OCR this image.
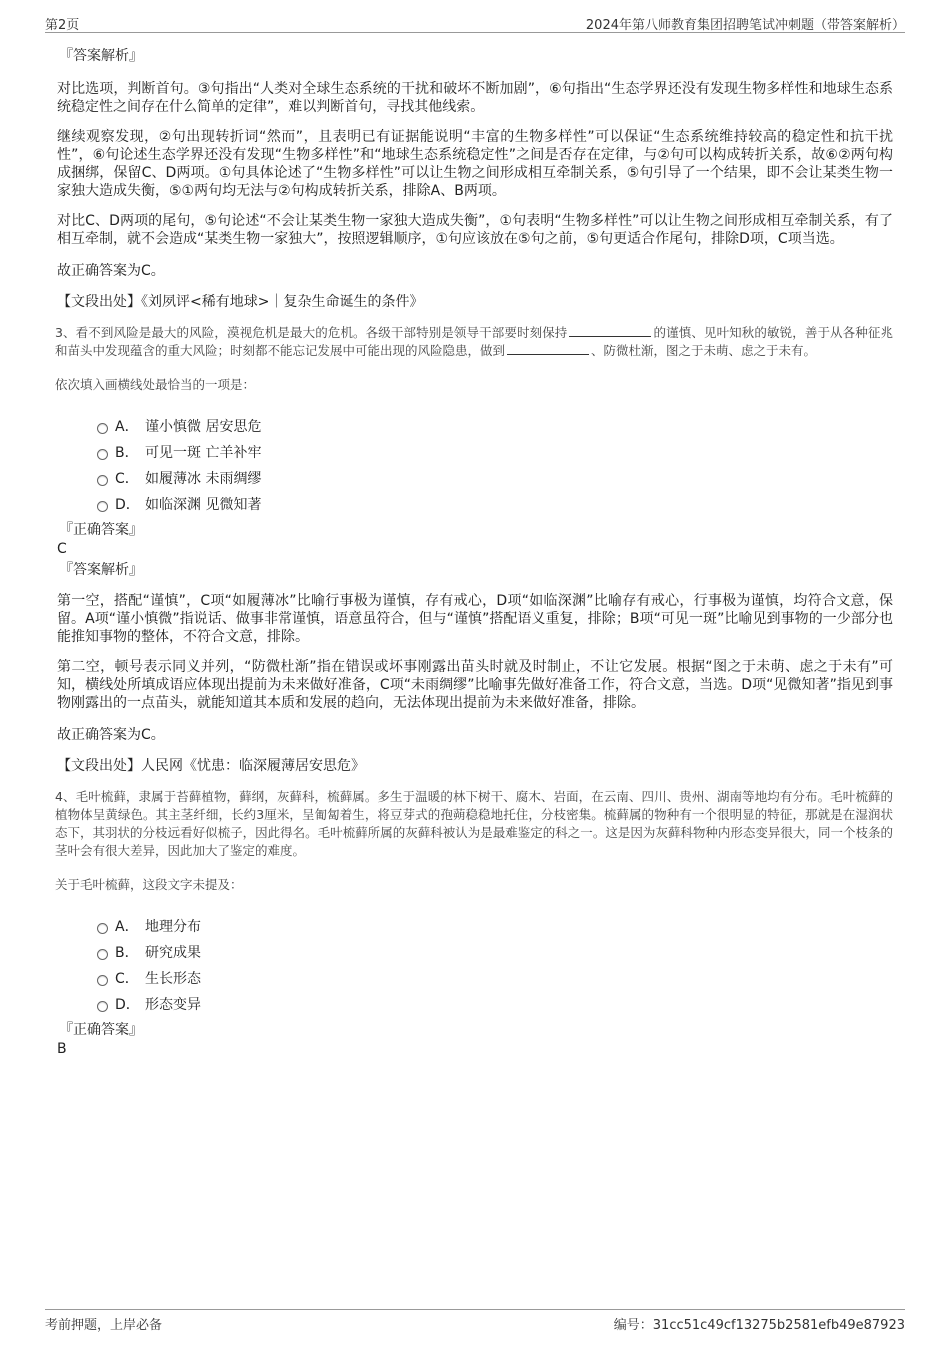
第2页	2024年第八师教育集团招聘笔试冲刺题（带答案解析）

『答案解析』

对比选项，判断首句。③句指出“人类对全球生态系统的干扰和破坏不断加剧”，⑥句指出“生态学界还没有发现生物多样性和地球生态系统稳定性之间存在什么简单的定律”，难以判断首句，寻找其他线索。

继续观察发现，②句出现转折词“然而”，且表明已有证据能说明“丰富的生物多样性”可以保证“生态系统维持较高的稳定性和抗干扰性”，⑥句论述生态学界还没有发现“生物多样性”和“地球生态系统稳定性”之间是否存在定律，与②句可以构成转折关系，故⑥②两句构成捆绑，保留C、D两项。①句具体论述了“生物多样性”可以让生物之间形成相互牵制关系，⑤句引导了一个结果，即不会让某类生物一家独大造成失衡，⑤①两句均无法与②句构成转折关系，排除A、B两项。

对比C、D两项的尾句，⑤句论述“不会让某类生物一家独大造成失衡”，①句表明“生物多样性”可以让生物之间形成相互牵制关系，有了相互牵制，就不会造成“某类生物一家独大”，按照逻辑顺序，①句应该放在⑤句之前，⑤句更适合作尾句，排除D项，C项当选。

故正确答案为C。

【文段出处】《刘夙评<稀有地球>｜复杂生命诞生的条件》

3、看不到风险是最大的风险，漠视危机是最大的危机。各级干部特别是领导干部要时刻保持	的谨慎、见叶知秋的敏锐，善于从各种征兆和苗头中发现蕴含的重大风险；时刻都不能忘记发展中可能出现的风险隐患，做到	、防微杜渐，图之于未萌、虑之于未有。

依次填入画横线处最恰当的一项是：

A． 谨小慎微 居安思危
B． 可见一斑 亡羊补牢
C． 如履薄冰 未雨绸缪
D． 如临深渊 见微知著

『正确答案』

C

『答案解析』

第一空，搭配“谨慎”，C项“如履薄冰”比喻行事极为谨慎，存有戒心，D项“如临深渊”比喻存有戒心，行事极为谨慎，均符合文意，保留。A项“谨小慎微”指说话、做事非常谨慎，语意虽符合，但与“谨慎”搭配语义重复，排除；B项“可见一斑”比喻见到事物的一少部分也能推知事物的整体，不符合文意，排除。

第二空，顿号表示同义并列，“防微杜渐”指在错误或坏事刚露出苗头时就及时制止，不让它发展。根据“图之于未萌、虑之于未有”可知，横线处所填成语应体现出提前为未来做好准备，C项“未雨绸缪”比喻事先做好准备工作，符合文意，当选。D项“见微知著”指见到事物刚露出的一点苗头，就能知道其本质和发展的趋向，无法体现出提前为未来做好准备，排除。

故正确答案为C。

【文段出处】人民网《忧患：临深履薄居安思危》

4、毛叶梳藓，隶属于苔藓植物，藓纲，灰藓科，梳藓属。多生于温暖的林下树干、腐木、岩面，在云南、四川、贵州、湖南等地均有分布。毛叶梳藓的植物体呈黄绿色。其主茎纤细，长约3厘米，呈匍匐着生，将豆芽式的孢蒴稳稳地托住，分枝密集。梳藓属的物种有一个很明显的特征，那就是在湿润状态下，其羽状的分枝远看好似梳子，因此得名。毛叶梳藓所属的灰藓科被认为是最难鉴定的科之一。这是因为灰藓科物种内形态变异很大，同一个枝条的茎叶会有很大差异，因此加大了鉴定的难度。

关于毛叶梳藓，这段文字未提及：

A． 地理分布
B． 研究成果
C． 生长形态
D． 形态变异

『正确答案』

B

考前押题，上岸必备	编号：31cc51c49cf13275b2581efb49e87923
